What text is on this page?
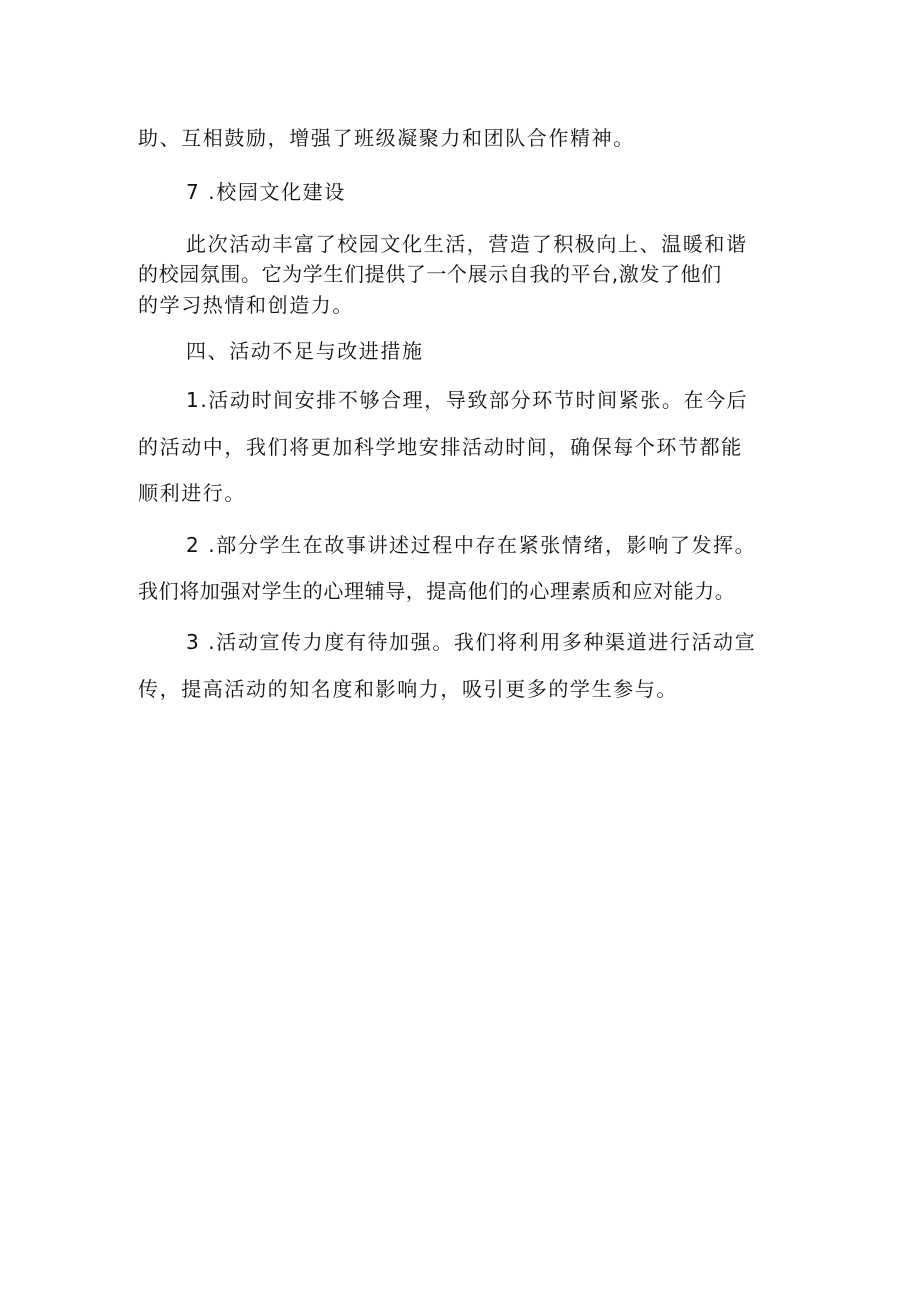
助、互相鼓励，增强了班级凝聚力和团队合作精神。
7 .校园文化建设
此次活动丰富了校园文化生活，营造了积极向上、温暖和谐
的校园氛围。它为学生们提供了一个展示自我的平台,激发了他们
的学习热情和创造力。
四、活动不足与改进措施
1.活动时间安排不够合理，导致部分环节时间紧张。在今后
的活动中，我们将更加科学地安排活动时间，确保每个环节都能
顺利进行。
2 .部分学生在故事讲述过程中存在紧张情绪，影响了发挥。
我们将加强对学生的心理辅导，提高他们的心理素质和应对能力。
3 .活动宣传力度有待加强。我们将利用多种渠道进行活动宣
传，提高活动的知名度和影响力，吸引更多的学生参与。
